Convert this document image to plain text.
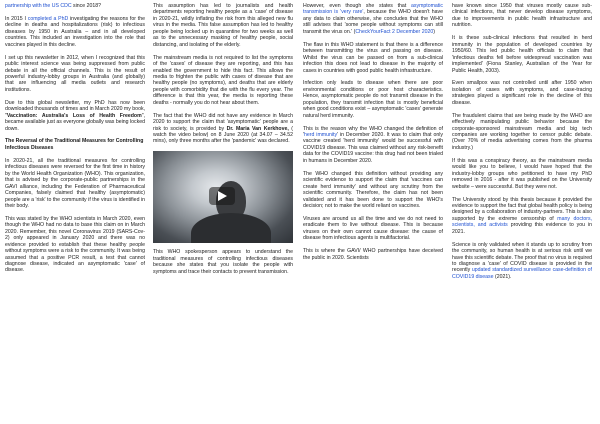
partnership with the US CDC since 2018?

In 2015 I completed a PhD investigating the reasons for the decline in deaths and hospitalizations (risk) to infectious diseases by 1950 in Australia – and in all developed countries. This included an investigation into the role that vaccines played in this decline.

I set up this newsletter in 2012, when I recognized that this public interest science was being suppressed from public debate in all the official channels. This is the result of powerful industry-lobby groups in Australia (and globally) that are influencing all media outlets and research institutions.

Due to this global newsletter, my PhD has now been downloaded thousands of times and in March 2020 my book, "Vaccination: Australia's Loss of Health Freedom", became available just as everyone globally was being locked down.

The Reversal of the Traditional Measures for Controlling Infectious Diseases

In 2020-21, all the traditional measures for controlling infectious diseases were reversed for the first time in history by the World Health Organization (WHO). This organization, that is advised by the corporate-public partnerships in the GAVI alliance, including the Federation of Pharmaceutical Companies, falsely claimed that healthy (asymptomatic) people are a 'risk' to the community if the virus is identified in their body.

This was stated by the WHO scientists in March 2020, even though the WHO had no data to base this claim on in March 2020. Remember, this novel Coronavirus 2019 (SARS-Cov-2) only appeared in January 2020 and there was no evidence provided to establish that these healthy people without symptoms were a risk to the community. It was being assumed that a positive PCR result, a test that cannot diagnose disease, indicated an asymptomatic 'case' of disease.

This assumption has led to journalists and health departments reporting healthy people as a 'case' of disease in 2020-21, wildly inflating the risk from this alleged new flu virus in the media. This false assumption has led to healthy people being locked up in quarantine for two weeks as well as to the unnecessary masking of healthy people, social distancing, and isolating of the elderly.

The mainstream media is not required to list the symptoms of the 'cases' of disease they are reporting, and this has enabled the government to hide this fact. This allows the media to frighten the public with cases of disease that are healthy people (no symptoms), and deaths that are elderly people with comorbidity that die with the flu every year. The difference is that this year, the media is reporting these deaths - normally you do not hear about them.

The fact that the WHO did not have any evidence in March 2020 to support the claim that 'asymptomatic' people are a risk to society, is provided by Dr. Maria Van Kerkhove, ( watch the video below) on 8 June 2020 (at 34.07 – 34.52 mins), only three months after the 'pandemic' was declared.

This WHO spokesperson appears to understand the traditional measures of controlling infectious diseases because she states that you isolate the people with symptoms and trace their contacts to prevent transmission.

However, even though she states that asymptomatic transmission is 'very rare', because the WHO doesn't have any data to claim otherwise, she concludes that the WHO still advises that 'some people without symptoms can still transmit the virus on.' (CheckYourFact 2 December 2020)

The flaw in this WHO statement is that there is a difference between transmitting the virus and passing on disease. Whilst the virus can be passed on from a sub-clinical infection this does not lead to disease in the majority of cases in countries with good public health infrastructure.

Infection only leads to disease when there are poor environmental conditions or poor host characteristics. Hence, asymptomatic people do not transmit disease in the population, they transmit infection that is mostly beneficial when good conditions exist – asymptomatic 'cases' generate natural herd immunity.

This is the reason why the WHO changed the definition of 'herd immunity' in December 2020. It was to claim that only vaccine created 'herd immunity' would be successful with COVID19 disease. This was claimed without any risk-benefit data for the COVID19 vaccine: this drug had not been trialed in humans in December 2020.

The WHO changed this definition without providing any scientific evidence to support the claim that 'vaccines can create herd immunity' and without any scrutiny from the scientific community. Therefore, the claim has not been validated and it has been done to support the WHO's decision; not to make the world reliant on vaccines.

Viruses are around us all the time and we do not need to eradicate them to live without disease. This is because viruses on their own cannot cause disease: the cause of disease from infectious agents is multifactorial.

This is where the GAVI/ WHO partnerships have deceived the public in 2020. Scientists

have known since 1950 that viruses mostly cause sub-clinical infections, that never develop disease symptoms, due to improvements in public health infrastructure and nutrition.

It is these sub-clinical infections that resulted in herd immunity in the population of developed countries by 1950/60. This led public health officials to claim that 'infectious deaths fell before widespread vaccination was implemented' (Fiona Stanley, Australian of the Year for Public Health, 2003).

Even smallpox was not controlled until after 1950 when isolation of cases with symptoms, and case-tracing strategies played a significant role in the decline of this disease.

The fraudulent claims that are being made by the WHO are effectively manipulating public behavior because the corporate-sponsored mainstream media and big tech companies are working together to censor public debate. (Over 70% of media advertising comes from the pharma industry.)

If this was a conspiracy theory, as the mainstream media would like you to believe, I would have hoped that the industry-lobby groups who petitioned to have my PhD removed in 2016 - after it was published on the University website – were successful. But they were not.

The University stood by this thesis because it provided the evidence to support the fact that global health policy is being designed by a collaboration of industry-partners. This is also supported by the extreme censorship of many doctors, scientists, and activists providing this evidence to you in 2021.

Science is only validated when it stands up to scrutiny from the community, so human health is at serious risk until we have this scientific debate. The proof that no virus is required to diagnose a 'case' of COVID disease is provided in the recently updated standardized surveillance case-definition of COVID19 disease (2021).
